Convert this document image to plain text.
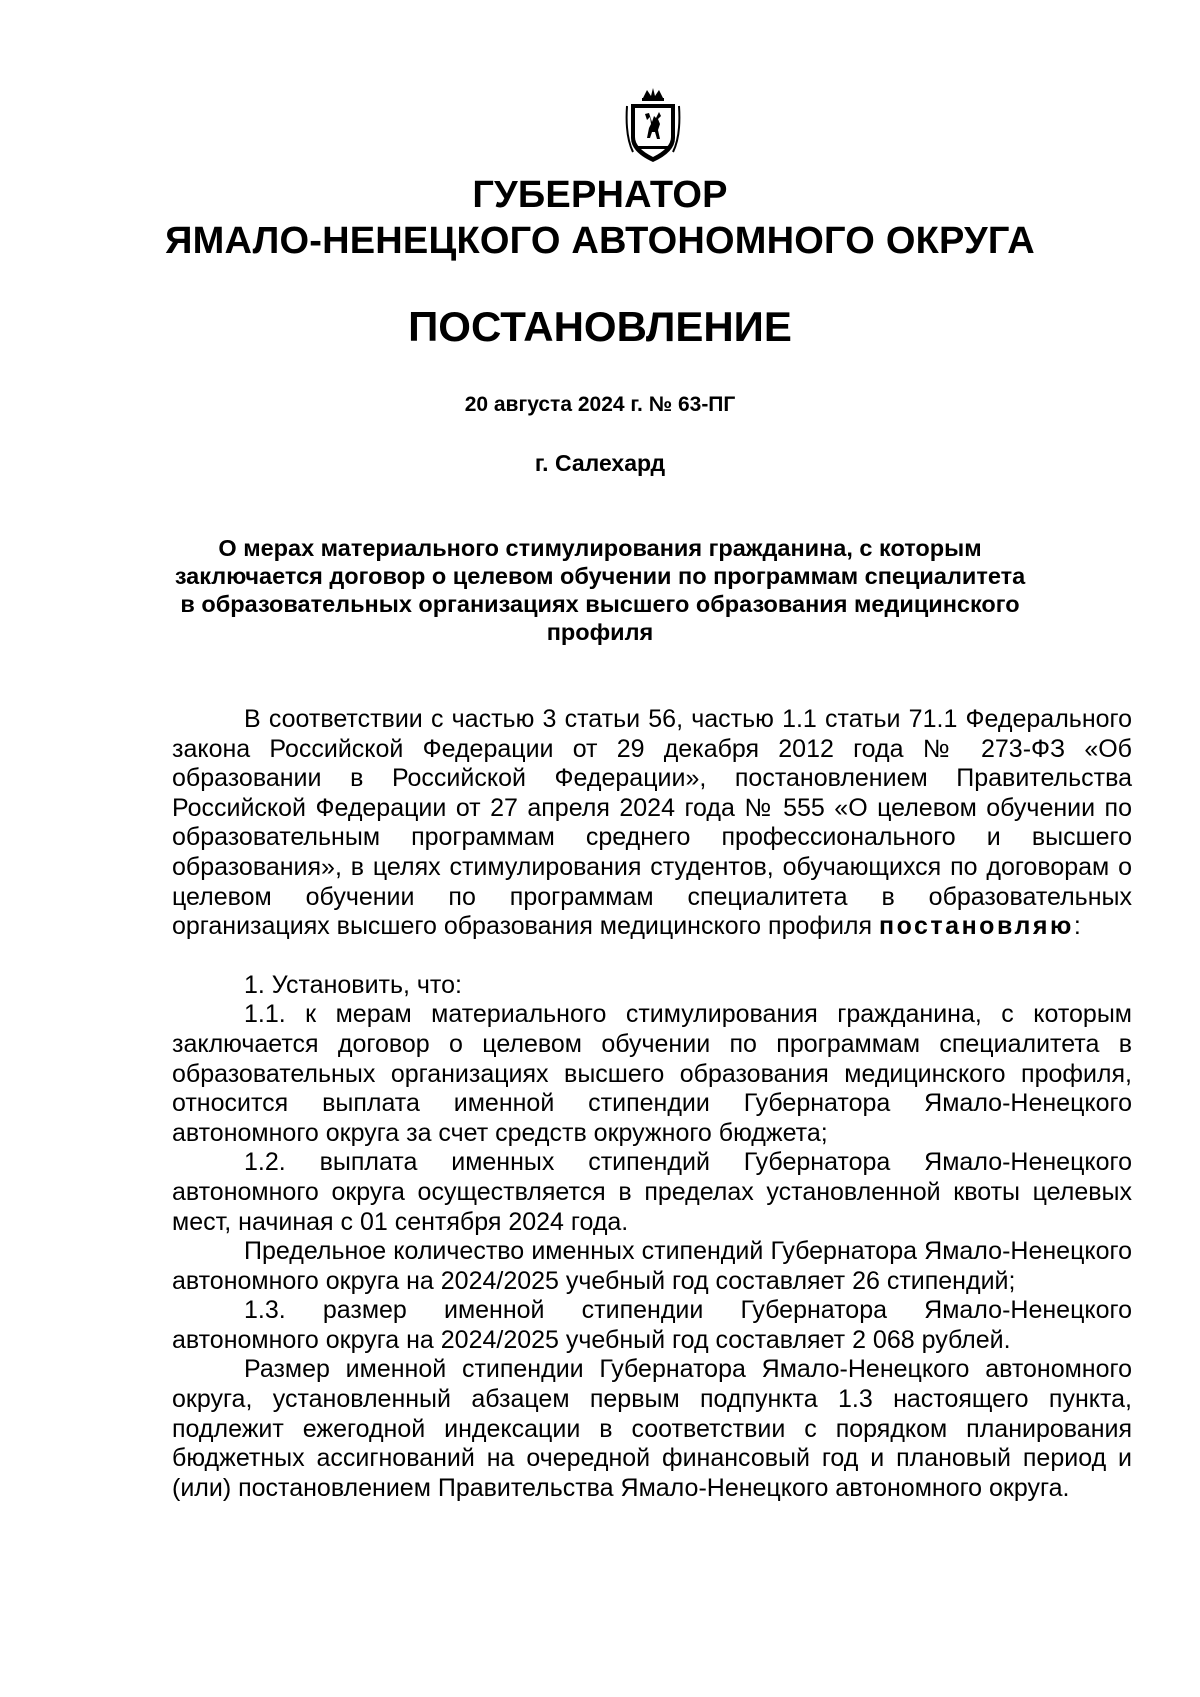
ГУБЕРНАТОР
ЯМАЛО-НЕНЕЦКОГО АВТОНОМНОГО ОКРУГА
ПОСТАНОВЛЕНИЕ
20 августа 2024 г. № 63-ПГ
г. Салехард
О мерах материального стимулирования гражданина, с которым заключается договор о целевом обучении по программам специалитета в образовательных организациях высшего образования медицинского профиля

В соответствии с частью 3 статьи 56, частью 1.1 статьи 71.1 Федерального закона Российской Федерации от 29 декабря 2012 года № 273-ФЗ «Об образовании в Российской Федерации», постановлением Правительства Российской Федерации от 27 апреля 2024 года № 555 «О целевом обучении по образовательным программам среднего профессионального и высшего образования», в целях стимулирования студентов, обучающихся по договорам о целевом обучении по программам специалитета в образовательных организациях высшего образования медицинского профиля постановляю:

1. Установить, что:

1.1. к мерам материального стимулирования гражданина, с которым заключается договор о целевом обучении по программам специалитета в образовательных организациях высшего образования медицинского профиля, относится выплата именной стипендии Губернатора Ямало-Ненецкого автономного округа за счет средств окружного бюджета;

1.2. выплата именных стипендий Губернатора Ямало-Ненецкого автономного округа осуществляется в пределах установленной квоты целевых мест, начиная с 01 сентября 2024 года.

Предельное количество именных стипендий Губернатора Ямало-Ненецкого автономного округа на 2024/2025 учебный год составляет 26 стипендий;

1.3. размер именной стипендии Губернатора Ямало-Ненецкого автономного округа на 2024/2025 учебный год составляет 2 068 рублей.

Размер именной стипендии Губернатора Ямало-Ненецкого автономного округа, установленный абзацем первым подпункта 1.3 настоящего пункта, подлежит ежегодной индексации в соответствии с порядком планирования бюджетных ассигнований на очередной финансовый год и плановый период и (или) постановлением Правительства Ямало-Ненецкого автономного округа.
